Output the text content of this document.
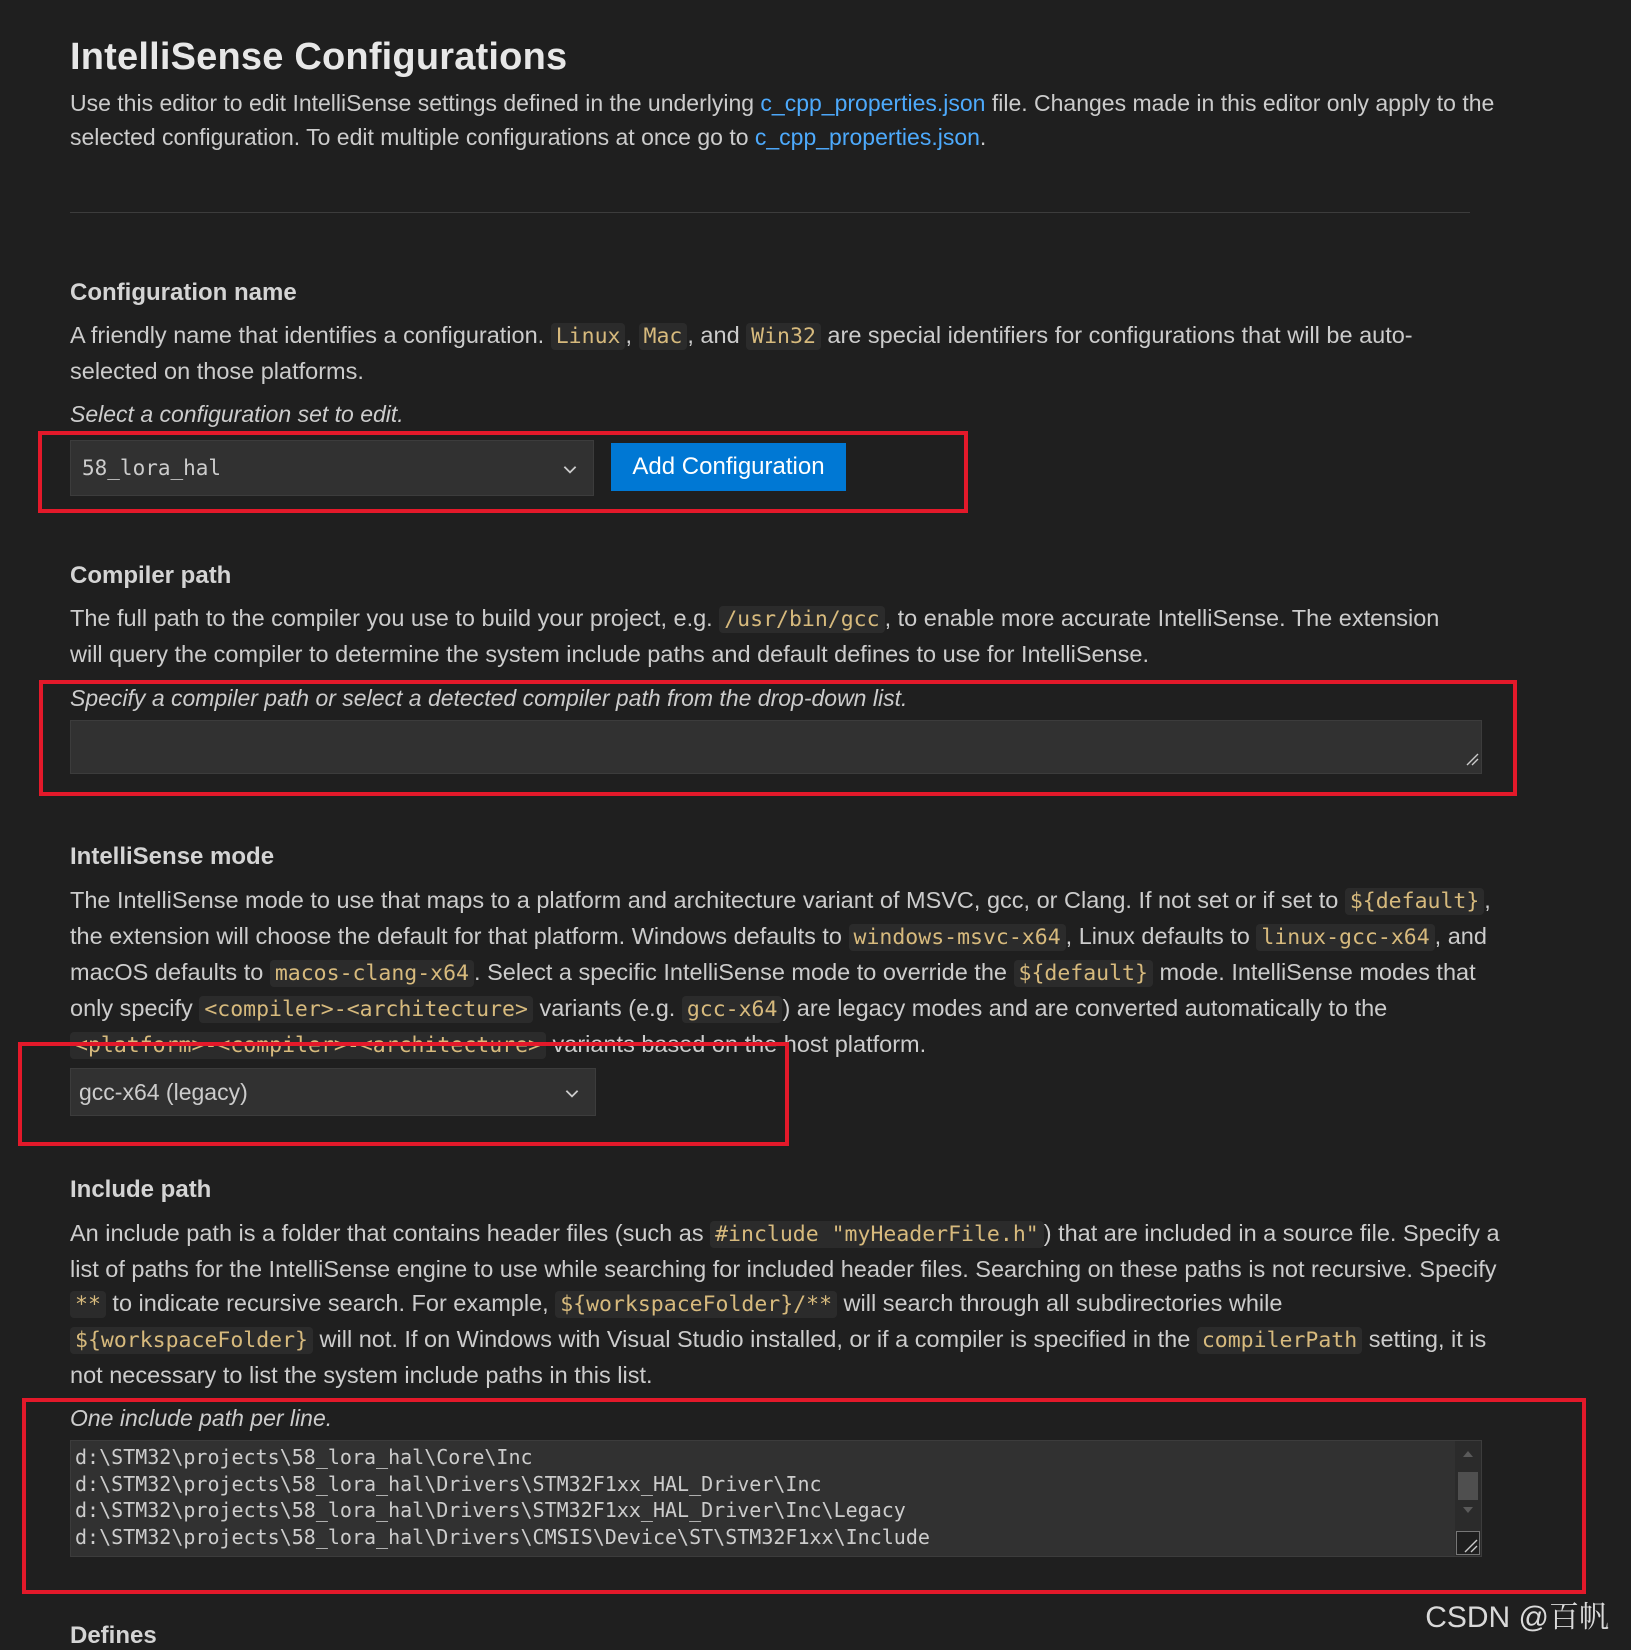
IntelliSense Configurations
Use this editor to edit IntelliSense settings defined in the underlying c_cpp_properties.json file. Changes made in this editor only apply to the selected configuration. To edit multiple configurations at once go to c_cpp_properties.json.
Configuration name
A friendly name that identifies a configuration. Linux , Mac , and Win32 are special identifiers for configurations that will be auto-selected on those platforms.
Select a configuration set to edit.
58_lora_hal	Add Configuration
Compiler path
The full path to the compiler you use to build your project, e.g. /usr/bin/gcc , to enable more accurate IntelliSense. The extension will query the compiler to determine the system include paths and default defines to use for IntelliSense.
Specify a compiler path or select a detected compiler path from the drop-down list.
IntelliSense mode
The IntelliSense mode to use that maps to a platform and architecture variant of MSVC, gcc, or Clang. If not set or if set to ${default} , the extension will choose the default for that platform. Windows defaults to windows-msvc-x64 , Linux defaults to linux-gcc-x64 , and macOS defaults to macos-clang-x64 . Select a specific IntelliSense mode to override the ${default} mode. IntelliSense modes that only specify <compiler>-<architecture> variants (e.g. gcc-x64 ) are legacy modes and are converted automatically to the <platform>-<compiler>-<architecture> variants based on the host platform.
gcc-x64 (legacy)
Include path
An include path is a folder that contains header files (such as #include "myHeaderFile.h" ) that are included in a source file. Specify a list of paths for the IntelliSense engine to use while searching for included header files. Searching on these paths is not recursive. Specify ** to indicate recursive search. For example, ${workspaceFolder}/** will search through all subdirectories while ${workspaceFolder} will not. If on Windows with Visual Studio installed, or if a compiler is specified in the compilerPath setting, it is not necessary to list the system include paths in this list.
One include path per line.
d:\STM32\projects\58_lora_hal\Core\Inc
d:\STM32\projects\58_lora_hal\Drivers\STM32F1xx_HAL_Driver\Inc
d:\STM32\projects\58_lora_hal\Drivers\STM32F1xx_HAL_Driver\Inc\Legacy
d:\STM32\projects\58_lora_hal\Drivers\CMSIS\Device\ST\STM32F1xx\Include
Defines
CSDN @百帆
